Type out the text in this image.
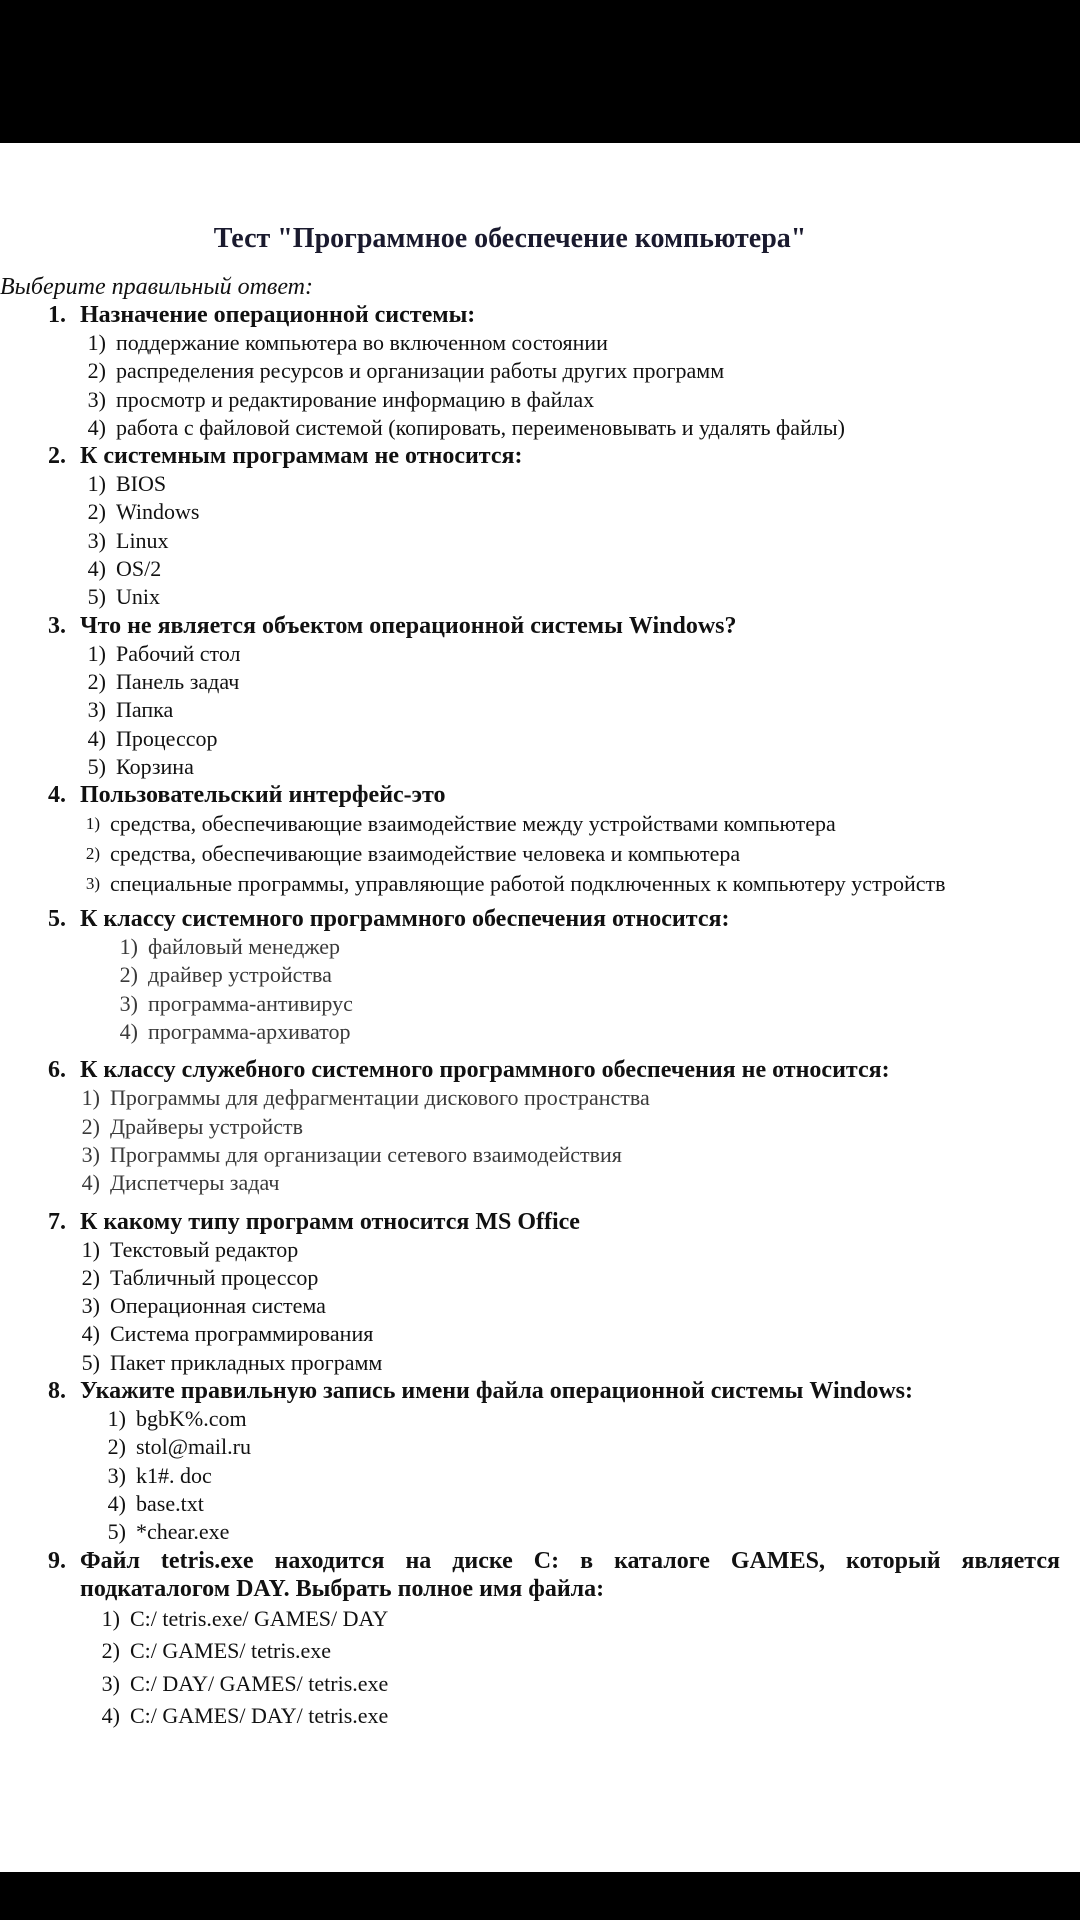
Тест "Программное обеспечение компьютера"

Выберите правильный ответ:

1. Назначение операционной системы:
1) поддержание компьютера во включенном состоянии
2) распределения ресурсов и организации работы других программ
3) просмотр и редактирование информацию в файлах
4) работа с файловой системой (копировать, переименовывать и удалять файлы)
2. К системным программам не относится:
1) BIOS
2) Windows
3) Linux
4) OS/2
5) Unix
3. Что не является объектом операционной системы Windows?
1) Рабочий стол
2) Панель задач
3) Папка
4) Процессор
5) Корзина
4. Пользовательский интерфейс-это
1) средства, обеспечивающие взаимодействие между устройствами компьютера
2) средства, обеспечивающие взаимодействие человека и компьютера
3) специальные программы, управляющие работой подключенных к компьютеру устройств
5. К классу системного программного обеспечения относится:
1) файловый менеджер
2) драйвер устройства
3) программа-антивирус
4) программа-архиватор
6. К классу служебного системного программного обеспечения не относится:
1) Программы для дефрагментации дискового пространства
2) Драйверы устройств
3) Программы для организации сетевого взаимодействия
4) Диспетчеры задач
7. К какому типу программ относится MS Office
1) Текстовый редактор
2) Табличный процессор
3) Операционная система
4) Система программирования
5) Пакет прикладных программ
8. Укажите правильную запись имени файла операционной системы Windows:
1) bgbK%.com
2) stol@mail.ru
3) k1#. doc
4) base.txt
5) *chear.exe
9. Файл tetris.exe находится на диске С: в каталоге GAMES, который является подкаталогом DAY. Выбрать полное имя файла:
1) C:/ tetris.exe/ GAMES/ DAY
2) C:/ GAMES/ tetris.exe
3) C:/ DAY/ GAMES/ tetris.exe
4) C:/ GAMES/ DAY/ tetris.exe
